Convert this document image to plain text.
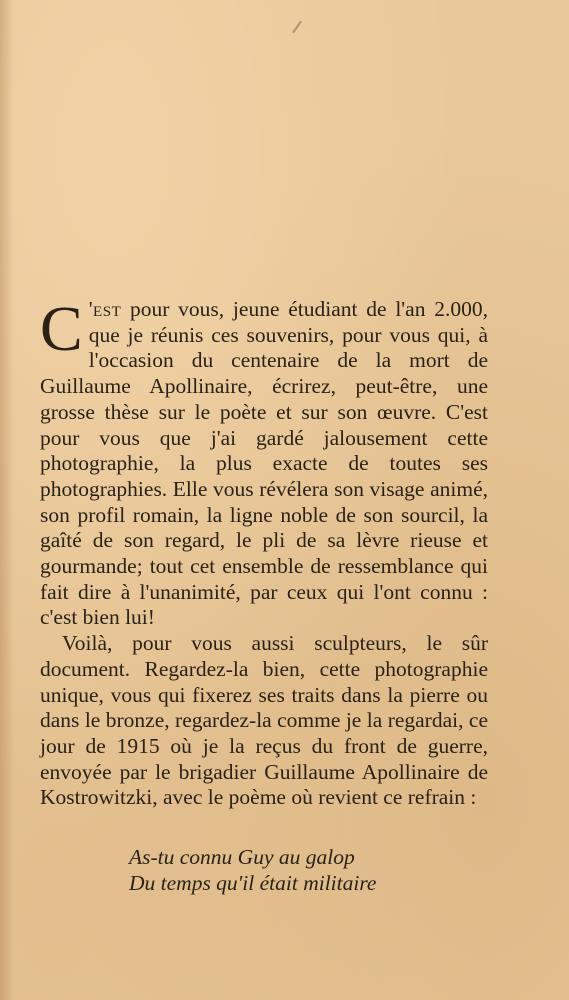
C 'est pour vous, jeune étudiant de l'an 2.000, que je réunis ces souvenirs, pour vous qui, à l'occasion du centenaire de la mort de Guillaume Apollinaire, écrirez, peut-être, une grosse thèse sur le poète et sur son œuvre. C'est pour vous que j'ai gardé jalousement cette photographie, la plus exacte de toutes ses photographies. Elle vous révélera son visage animé, son profil romain, la ligne noble de son sourcil, la gaîté de son regard, le pli de sa lèvre rieuse et gourmande; tout cet ensemble de ressemblance qui fait dire à l'unanimité, par ceux qui l'ont connu : c'est bien lui!

Voilà, pour vous aussi sculpteurs, le sûr document. Regardez-la bien, cette photographie unique, vous qui fixerez ses traits dans la pierre ou dans le bronze, regardez-la comme je la regardai, ce jour de 1915 où je la reçus du front de guerre, envoyée par le brigadier Guillaume Apollinaire de Kostrowitzki, avec le poème où revient ce refrain :

As-tu connu Guy au galop
Du temps qu'il était militaire
